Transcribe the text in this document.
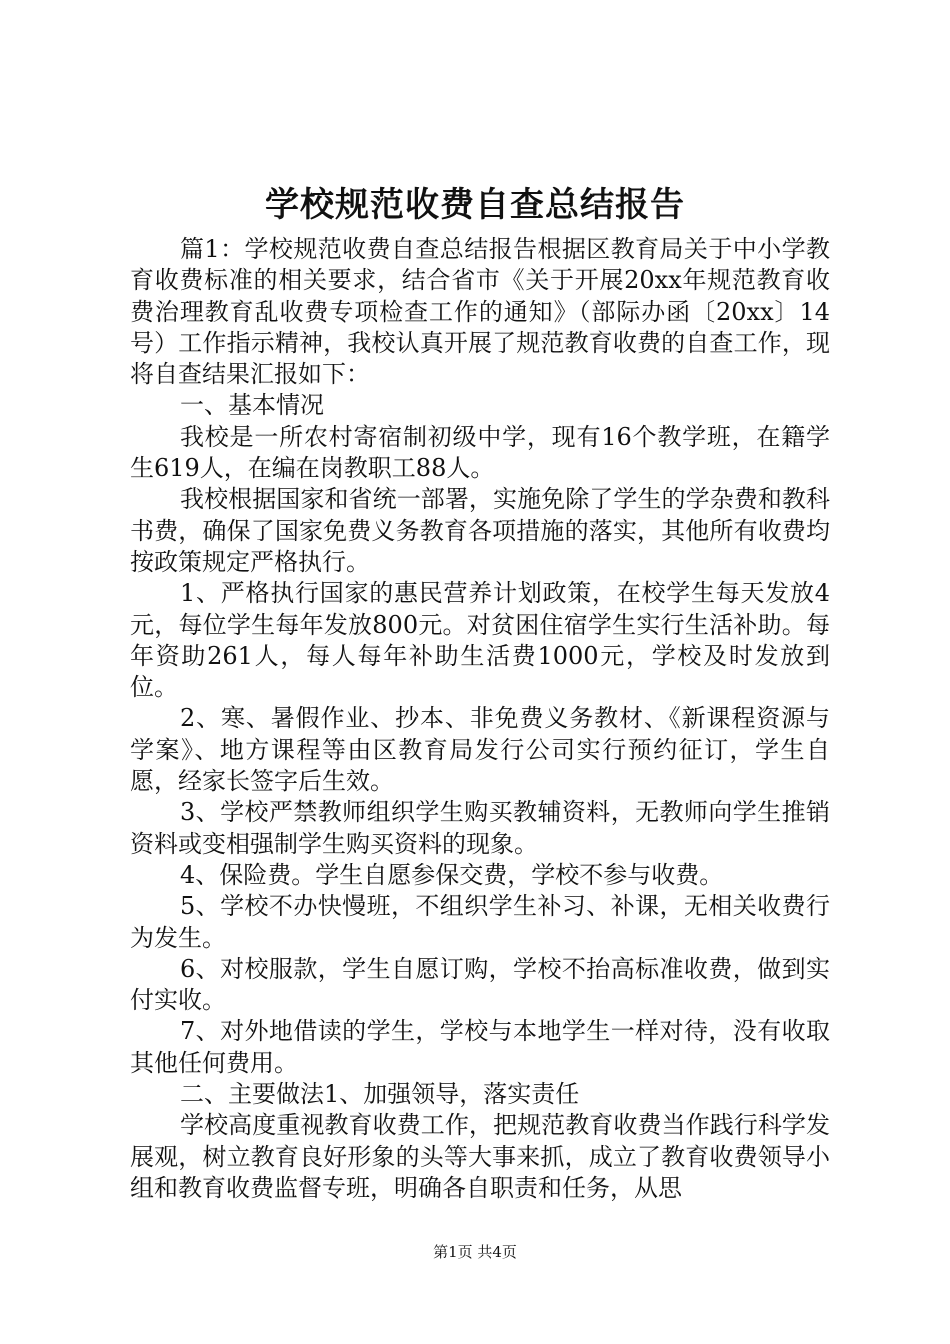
学校规范收费自查总结报告

篇1：学校规范收费自查总结报告根据区教育局关于中小学教育收费标准的相关要求，结合省市《关于开展20xx年规范教育收费治理教育乱收费专项检查工作的通知》（部际办函〔20xx〕14号）工作指示精神，我校认真开展了规范教育收费的自查工作，现将自查结果汇报如下：

一、基本情况

我校是一所农村寄宿制初级中学，现有16个教学班，在籍学生619人，在编在岗教职工88人。

我校根据国家和省统一部署，实施免除了学生的学杂费和教科书费，确保了国家免费义务教育各项措施的落实，其他所有收费均按政策规定严格执行。

1、严格执行国家的惠民营养计划政策，在校学生每天发放4元，每位学生每年发放800元。对贫困住宿学生实行生活补助。每年资助261人，每人每年补助生活费1000元，学校及时发放到位。

2、寒、暑假作业、抄本、非免费义务教材、《新课程资源与学案》、地方课程等由区教育局发行公司实行预约征订，学生自愿，经家长签字后生效。

3、学校严禁教师组织学生购买教辅资料，无教师向学生推销资料或变相强制学生购买资料的现象。

4、保险费。学生自愿参保交费，学校不参与收费。

5、学校不办快慢班，不组织学生补习、补课，无相关收费行为发生。

6、对校服款，学生自愿订购，学校不抬高标准收费，做到实付实收。

7、对外地借读的学生，学校与本地学生一样对待，没有收取其他任何费用。

二、主要做法1、加强领导，落实责任

学校高度重视教育收费工作，把规范教育收费当作践行科学发展观，树立教育良好形象的头等大事来抓，成立了教育收费领导小组和教育收费监督专班，明确各自职责和任务，从思

第1页 共4页
